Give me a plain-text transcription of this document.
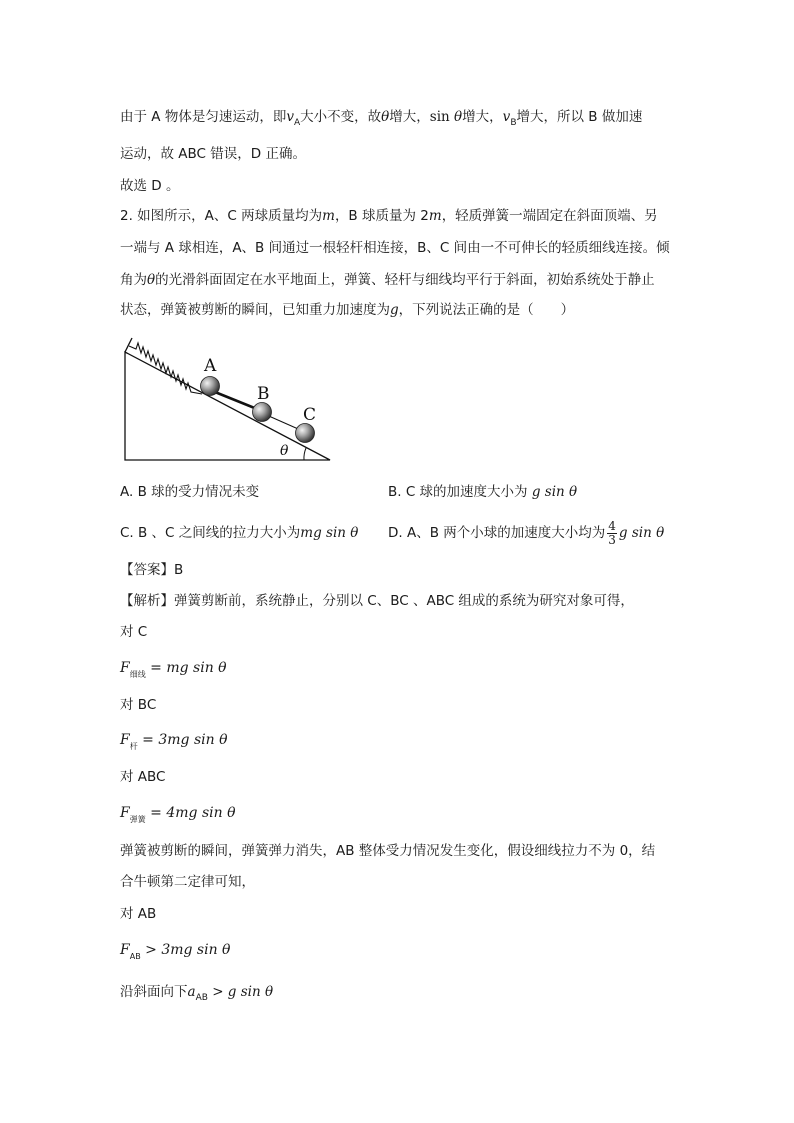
由于 A 物体是匀速运动，即$v_A$大小不变，故θ增大，sin θ增大，$v_B$增大，所以 B 做加速
运动，故 ABC 错误，D 正确。
故选 D 。
2. 如图所示，A、C 两球质量均为m，B 球质量为 2m，轻质弹簧一端固定在斜面顶端、另
一端与 A 球相连，A、B 间通过一根轻杆相连接，B、C 间由一不可伸长的轻质细线连接。倾
角为θ的光滑斜面固定在水平地面上，弹簧、轻杆与细线均平行于斜面，初始系统处于静止
状态，弹簧被剪断的瞬间，已知重力加速度为g，下列说法正确的是（　　）
A
B
C
θ
A. B 球的受力情况未变	B. C 球的加速度大小为 g sin θ
C. B 、C 之间线的拉力大小为mg sin θ D. A、B 两个小球的加速度大小均为 $\frac{4}{3}$ g sin θ
【答案】B
【解析】弹簧剪断前，系统静止，分别以 C、BC 、ABC 组成的系统为研究对象可得，
对 C
$F_{细线}$ = mg sin θ
对 BC
$F_杆 = 3mg$ sin θ
对 ABC
$F_{弹簧} = 4mg$ sin θ
弹簧被剪断的瞬间，弹簧弹力消失，AB 整体受力情况发生变化，假设细线拉力不为 0，结
合牛顿第二定律可知，
对 AB
$F_{AB} > 3mg$ sin θ
沿斜面向下$a_{AB} > g$ sin θ
